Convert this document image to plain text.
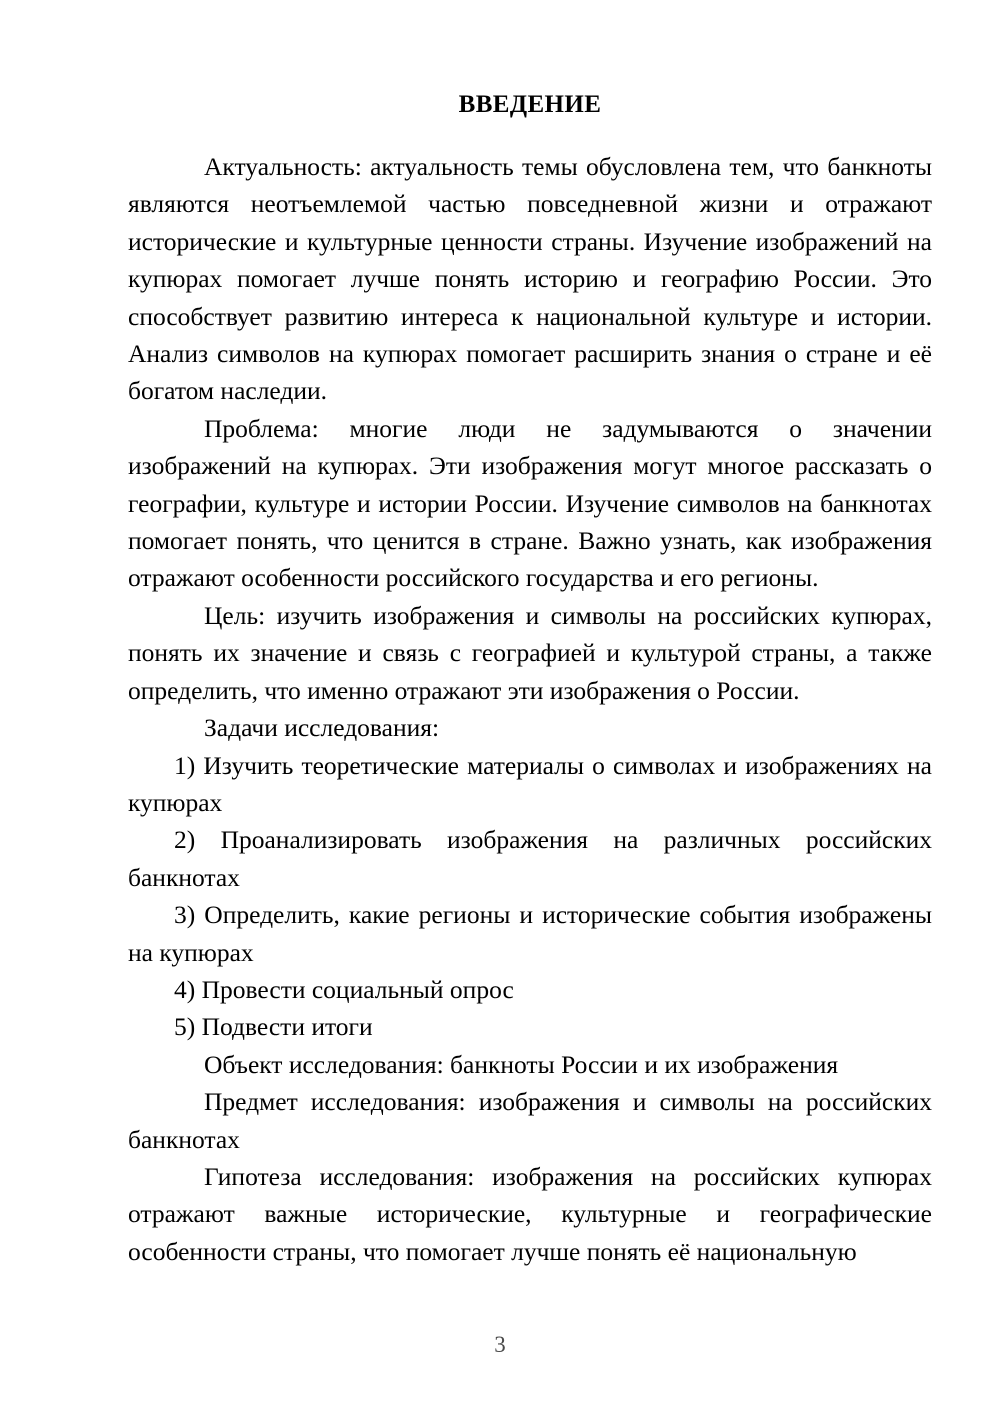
ВВЕДЕНИЕ

Актуальность: актуальность темы обусловлена тем, что банкноты являются неотъемлемой частью повседневной жизни и отражают исторические и культурные ценности страны. Изучение изображений на купюрах помогает лучше понять историю и географию России. Это способствует развитию интереса к национальной культуре и истории. Анализ символов на купюрах помогает расширить знания о стране и её богатом наследии.

Проблема: многие люди не задумываются о значении изображений на купюрах. Эти изображения могут многое рассказать о географии, культуре и истории России. Изучение символов на банкнотах помогает понять, что ценится в стране. Важно узнать, как изображения отражают особенности российского государства и его регионы.

Цель: изучить изображения и символы на российских купюрах, понять их значение и связь с географией и культурой страны, а также определить, что именно отражают эти изображения о России.

Задачи исследования:

1) Изучить теоретические материалы о символах и изображениях на купюрах

2) Проанализировать изображения на различных российских банкнотах

3) Определить, какие регионы и исторические события изображены на купюрах

4) Провести социальный опрос

5) Подвести итоги

Объект исследования: банкноты России и их изображения

Предмет исследования: изображения и символы на российских банкнотах

Гипотеза исследования: изображения на российских купюрах отражают важные исторические, культурные и географические особенности страны, что помогает лучше понять её национальную

3
